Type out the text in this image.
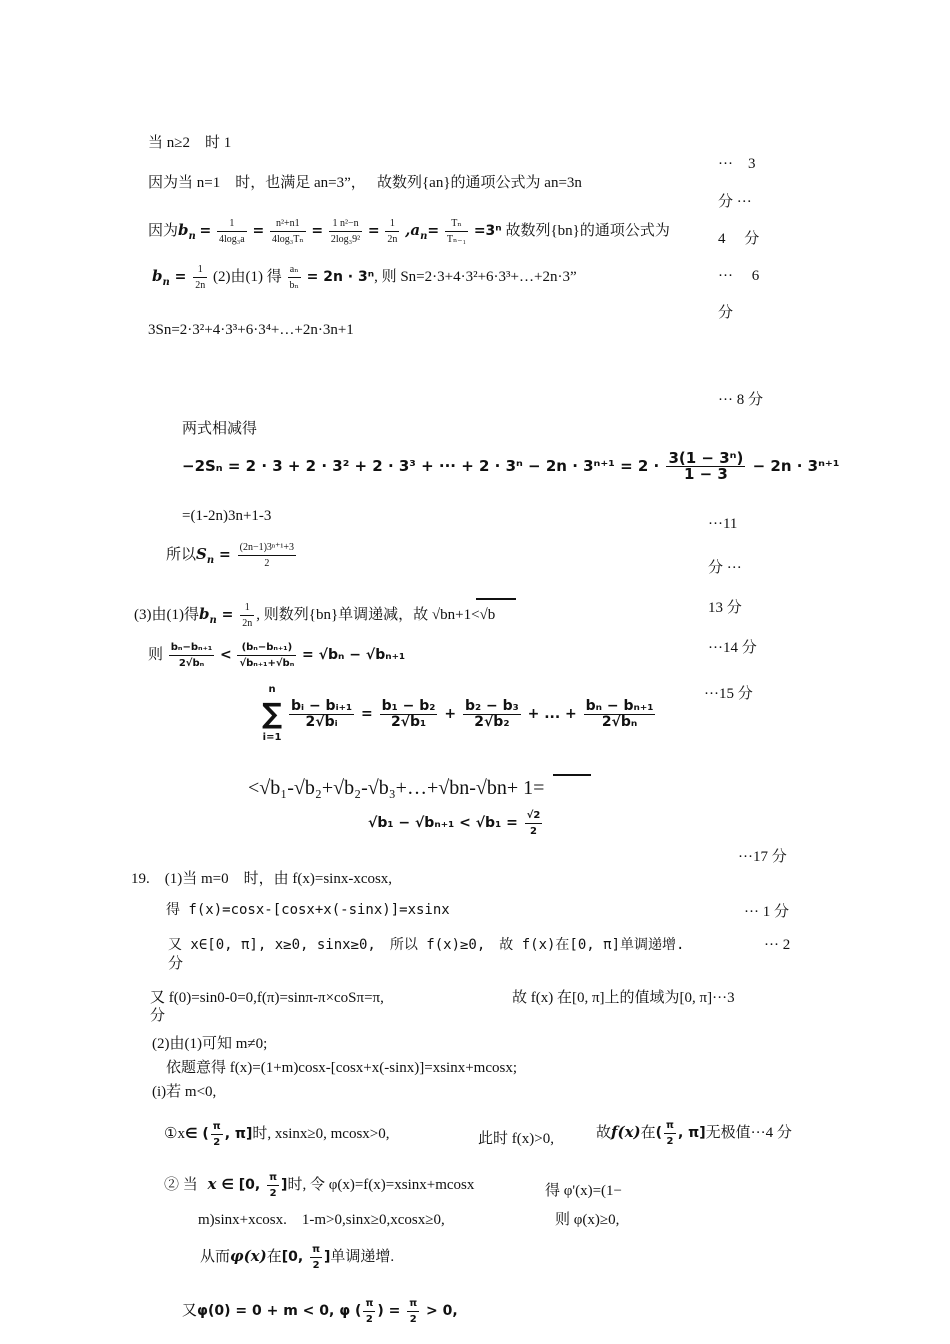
当 n≥2　时 1
···　3
因为当 n=1　时，也满足 an=3”，　 故数列{an}的通项公式为 an=3n
分 ···
因为$b_n = \frac{1}{\text{4log₃a}} = \frac{\text{n²+n1}}{\text{4log₃Tₙ}} = \frac{\text{1 n²−n}}{\text{2log₃9²}} = \frac{1}{2n} ,a_n= \frac{\text{Tₙ}}{\text{Tₙ₋₁}} =3^n$ 故数列{bn}的通项公式为
4　 分
$b_n = \frac{1}{2n} (2)$由(1) 得 $\frac{\text{aₙ}}{\text{bₙ}} = 2n \cdot 3^n$, 则 Sn=2·3+4·3²+6·3³+…+2n·3”	···　 6
分
3Sn=2·3²+4·3³+6·3⁴+…+2n·3n+1
··· 8 分
两式相减得
−2Sₙ = 2 · 3 + 2 · 3² + 2 · 3³ + ··· + $2 \cdot 3^n - 2n \cdot 3^{n+1} = 2 \cdot \frac{\text{3(1 − 3ⁿ)}}{1 - 3} - 2n \cdot 3^{n+1}$
=(1-2n)3n+1-3	···11
所以$S_n = \frac{\text{(2n−1)3ⁿ⁺¹+3}}{2}$	分 ···
(3)由(1)得$b_n = \frac{1}{2n}$ , 则数列{bn}单调递减，故 √bn+1<√b	13 分
则 $\frac{\text{bₙ−bₙ₊₁}}{\text{2√bₙ}} < \frac{\text{(bₙ−bₙ₊₁)}}{\text{√bₙ₊₁+√bₙ}} = √b_n - √b_{n+1}$	···14 分
···15 分
n
∑
i=1

$\frac{\text{bᵢ − bᵢ₊₁}}{\text{2√bᵢ}} = \frac{\text{b₁ − b₂}}{\text{2√b₁}} + \frac{\text{b₂ − b₃}}{\text{2√b₂}}$ + ... + $\frac{\text{bₙ − bₙ₊₁}}{\text{2√bₙ}}$
<√b₁-√b₂+√b₂-√b₃+…+√bn-√bn+ 1=
$√b_1 - √b_{n+1} < √b_1 = \frac{√2}{2}$
···17 分
19.　(1)当 m=0　时，由 f(x)=sinx-xcosx,
得 f(x)=cosx-[cosx+x(-sinx)]=xsinx	··· 1 分
又 x∈[0, π], x≥0, sinx≥0,　所以 f(x)≥0,　故 f(x)在[0, π]单调递增.	··· 2
分
又 f(0)=sin0-0=0,f(π)=sinπ-π×coSπ=π,	故 f(x) 在[0, π]上的值域为[0, π]···3
分
(2)由(1)可知 m≠0;
依题意得 f(x)=(1+m)cosx-[cosx+x(-sinx)]=xsinx+mcosx;
(i)若 m<0,
①x∈ ( $\frac{\pi}{2}$ , π]时, xsinx≥0, mcosx>0,	此时 f(x)>0,	故f(x)在( $\frac{\pi}{2}$ , π]无极值···4 分
② 当 x ∈ [0, $\frac{\pi}{2}$ ]时, 令 φ(x)=f(x)=xsinx+mcosx	得 φ'(x)=(1−
m)sinx+xcosx.　1-m>0,sinx≥0,xcosx≥0,	则 φ(x)≥0,
从而φ(x)在[0, $\frac{\pi}{2}$ ]单调递增.
又φ(0) = 0 + m < 0, φ ( $\frac{\pi}{2}$ ) = $\frac{\pi}{2} > 0$,
